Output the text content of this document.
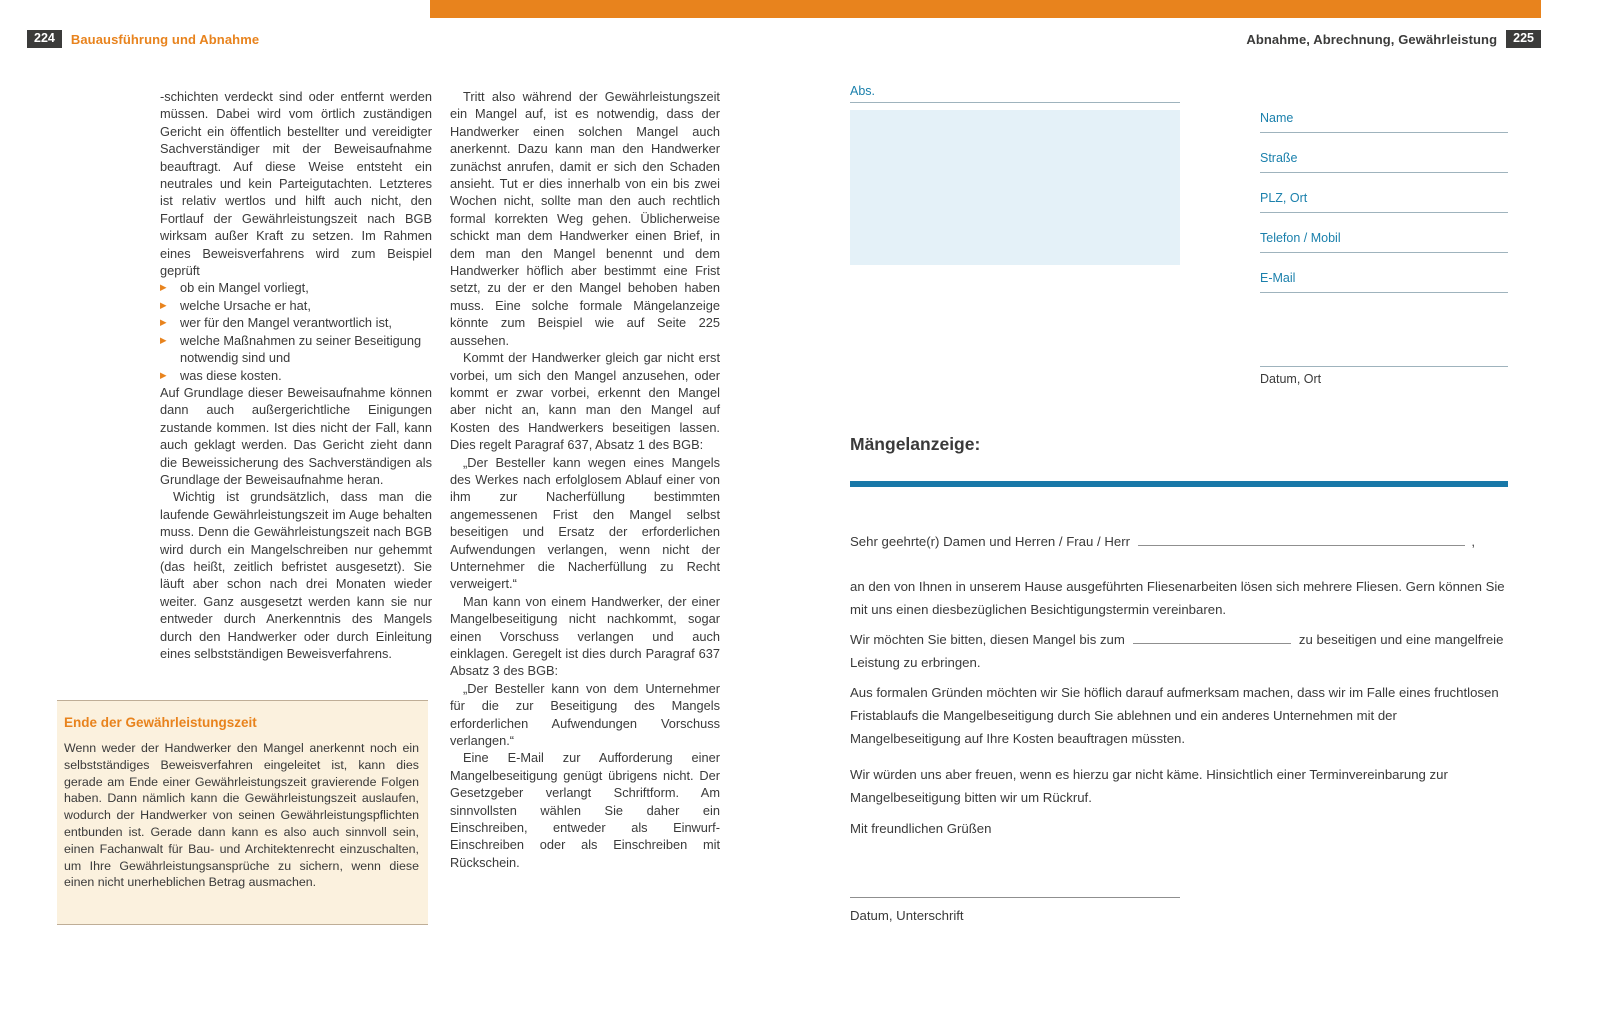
224	Bauausführung und Abnahme	Abnahme, Abrechnung, Gewährleistung	225

-schichten verdeckt sind oder entfernt werden müssen. Dabei wird vom örtlich zuständigen Gericht ein öffentlich bestellter und vereidigter Sachverständiger mit der Beweisaufnahme beauftragt. Auf diese Weise entsteht ein neutrales und kein Parteigutachten. Letzteres ist relativ wertlos und hilft auch nicht, den Fortlauf der Gewährleistungszeit nach BGB wirksam außer Kraft zu setzen. Im Rahmen eines Beweisverfahrens wird zum Beispiel geprüft

▶	ob ein Mangel vorliegt,
▶	welche Ursache er hat,
▶	wer für den Mangel verantwortlich ist,
▶	welche Maßnahmen zu seiner Beseitigung notwendig sind und
▶	was diese kosten.

Auf Grundlage dieser Beweisaufnahme können dann auch außergerichtliche Einigungen zustande kommen. Ist dies nicht der Fall, kann auch geklagt werden. Das Gericht zieht dann die Beweissicherung des Sachverständigen als Grundlage der Beweisaufnahme heran.

Wichtig ist grundsätzlich, dass man die laufende Gewährleistungszeit im Auge behalten muss. Denn die Gewährleistungszeit nach BGB wird durch ein Mangelschreiben nur gehemmt (das heißt, zeitlich befristet ausgesetzt). Sie läuft aber schon nach drei Monaten wieder weiter. Ganz ausgesetzt werden kann sie nur entweder durch Anerkenntnis des Mangels durch den Handwerker oder durch Einleitung eines selbstständigen Beweisverfahrens.

Ende der Gewährleistungszeit

Wenn weder der Handwerker den Mangel anerkennt noch ein selbstständiges Beweisverfahren eingeleitet ist, kann dies gerade am Ende einer Gewährleistungszeit gravierende Folgen haben. Dann nämlich kann die Gewährleistungszeit auslaufen, wodurch der Handwerker von seinen Gewährleistungspflichten entbunden ist. Gerade dann kann es also auch sinnvoll sein, einen Fachanwalt für Bau- und Architektenrecht einzuschalten, um Ihre Gewährleistungsansprüche zu sichern, wenn diese einen nicht unerheblichen Betrag ausmachen.

Tritt also während der Gewährleistungszeit ein Mangel auf, ist es notwendig, dass der Handwerker einen solchen Mangel auch anerkennt. Dazu kann man den Handwerker zunächst anrufen, damit er sich den Schaden ansieht. Tut er dies innerhalb von ein bis zwei Wochen nicht, sollte man den auch rechtlich formal korrekten Weg gehen. Üblicherweise schickt man dem Handwerker einen Brief, in dem man den Mangel benennt und dem Handwerker höflich aber bestimmt eine Frist setzt, zu der er den Mangel behoben haben muss. Eine solche formale Mängelanzeige könnte zum Beispiel wie auf Seite 225 aussehen.

Kommt der Handwerker gleich gar nicht erst vorbei, um sich den Mangel anzusehen, oder kommt er zwar vorbei, erkennt den Mangel aber nicht an, kann man den Mangel auf Kosten des Handwerkers beseitigen lassen. Dies regelt Paragraf 637, Absatz 1 des BGB:

„Der Besteller kann wegen eines Mangels des Werkes nach erfolglosem Ablauf einer von ihm zur Nacherfüllung bestimmten angemessenen Frist den Mangel selbst beseitigen und Ersatz der erforderlichen Aufwendungen verlangen, wenn nicht der Unternehmer die Nacherfüllung zu Recht verweigert.“

Man kann von einem Handwerker, der einer Mangelbeseitigung nicht nachkommt, sogar einen Vorschuss verlangen und auch einklagen. Geregelt ist dies durch Paragraf 637 Absatz 3 des BGB:

„Der Besteller kann von dem Unternehmer für die zur Beseitigung des Mangels erforderlichen Aufwendungen Vorschuss verlangen.“

Eine E-Mail zur Aufforderung einer Mangelbeseitigung genügt übrigens nicht. Der Gesetzgeber verlangt Schriftform. Am sinnvollsten wählen Sie daher ein Einschreiben, entweder als Einwurf-Einschreiben oder als Einschreiben mit Rückschein.

Abs.
Name
Straße
PLZ, Ort
Telefon / Mobil
E-Mail
Datum, Ort
Mängelanzeige:
Sehr geehrte(r) Damen und Herren / Frau / Herr	,

an den von Ihnen in unserem Hause ausgeführten Fliesenarbeiten lösen sich mehrere Fliesen. Gern können Sie mit uns einen diesbezüglichen Besichtigungstermin vereinbaren.

Wir möchten Sie bitten, diesen Mangel bis zum	zu beseitigen und eine mangelfreie Leistung zu erbringen.

Aus formalen Gründen möchten wir Sie höflich darauf aufmerksam machen, dass wir im Falle eines fruchtlosen Fristablaufs die Mangelbeseitigung durch Sie ablehnen und ein anderes Unternehmen mit der Mangelbeseitigung auf Ihre Kosten beauftragen müssten.

Wir würden uns aber freuen, wenn es hierzu gar nicht käme. Hinsichtlich einer Terminvereinbarung zur Mangelbeseitigung bitten wir um Rückruf.

Mit freundlichen Grüßen

Datum, Unterschrift
